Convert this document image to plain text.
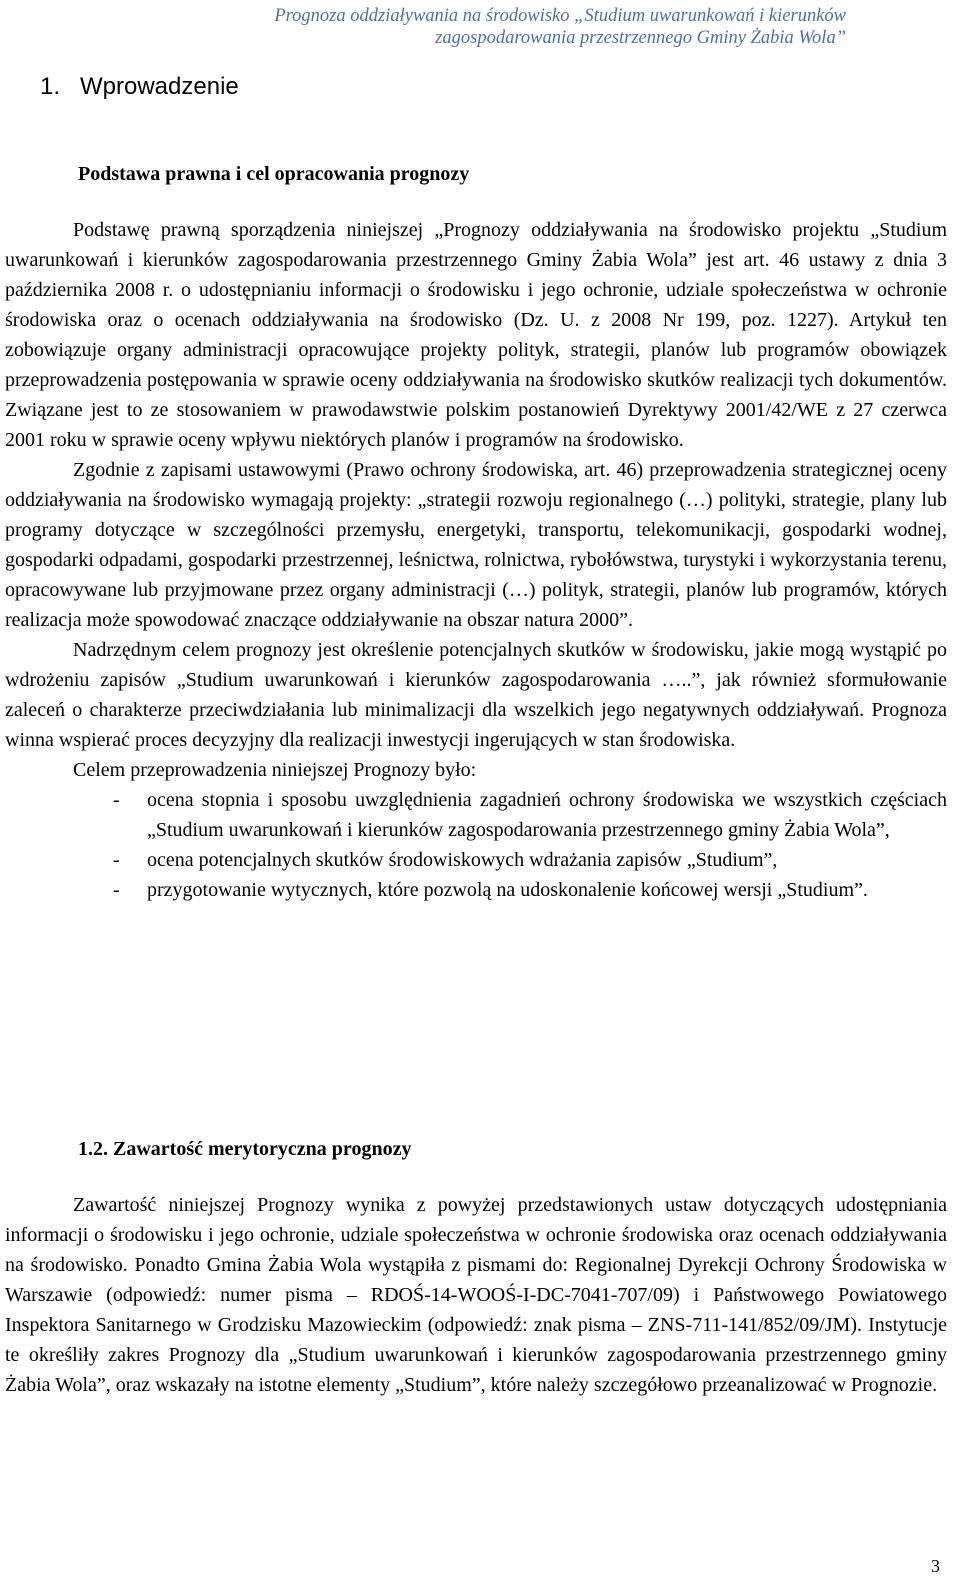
Prognoza oddziaływania na środowisko „Studium uwarunkowań i kierunków
zagospodarowania przestrzennego Gminy Żabia Wola”
1. Wprowadzenie
Podstawa prawna i cel opracowania prognozy

Podstawę prawną sporządzenia niniejszej „Prognozy oddziaływania na środowisko projektu „Studium uwarunkowań i kierunków zagospodarowania przestrzennego Gminy Żabia Wola” jest art. 46 ustawy z dnia 3 października 2008 r. o udostępnianiu informacji o środowisku i jego ochronie, udziale społeczeństwa w ochronie środowiska oraz o ocenach oddziaływania na środowisko (Dz. U. z 2008 Nr 199, poz. 1227). Artykuł ten zobowiązuje organy administracji opracowujące projekty polityk, strategii, planów lub programów obowiązek przeprowadzenia postępowania w sprawie oceny oddziaływania na środowisko skutków realizacji tych dokumentów. Związane jest to ze stosowaniem w prawodawstwie polskim postanowień Dyrektywy 2001/42/WE z 27 czerwca 2001 roku w sprawie oceny wpływu niektórych planów i programów na środowisko.

Zgodnie z zapisami ustawowymi (Prawo ochrony środowiska, art. 46) przeprowadzenia strategicznej oceny oddziaływania na środowisko wymagają projekty: „strategii rozwoju regionalnego (…) polityki, strategie, plany lub programy dotyczące w szczególności przemysłu, energetyki, transportu, telekomunikacji, gospodarki wodnej, gospodarki odpadami, gospodarki przestrzennej, leśnictwa, rolnictwa, rybołówstwa, turystyki i wykorzystania terenu, opracowywane lub przyjmowane przez organy administracji (…) polityk, strategii, planów lub programów, których realizacja może spowodować znaczące oddziaływanie na obszar natura 2000”.

Nadrzędnym celem prognozy jest określenie potencjalnych skutków w środowisku, jakie mogą wystąpić po wdrożeniu zapisów „Studium uwarunkowań i kierunków zagospodarowania …..”, jak również sformułowanie zaleceń o charakterze przeciwdziałania lub minimalizacji dla wszelkich jego negatywnych oddziaływań. Prognoza winna wspierać proces decyzyjny dla realizacji inwestycji ingerujących w stan środowiska.

Celem przeprowadzenia niniejszej Prognozy było:

- ocena stopnia i sposobu uwzględnienia zagadnień ochrony środowiska we wszystkich częściach „Studium uwarunkowań i kierunków zagospodarowania przestrzennego gminy Żabia Wola”,
- ocena potencjalnych skutków środowiskowych wdrażania zapisów „Studium”,
- przygotowanie wytycznych, które pozwolą na udoskonalenie końcowej wersji „Studium”.
1.2. Zawartość merytoryczna prognozy

Zawartość niniejszej Prognozy wynika z powyżej przedstawionych ustaw dotyczących udostępniania informacji o środowisku i jego ochronie, udziale społeczeństwa w ochronie środowiska oraz ocenach oddziaływania na środowisko. Ponadto Gmina Żabia Wola wystąpiła z pismami do: Regionalnej Dyrekcji Ochrony Środowiska w Warszawie (odpowiedź: numer pisma – RDOŚ-14-WOOŚ-I-DC-7041-707/09) i Państwowego Powiatowego Inspektora Sanitarnego w Grodzisku Mazowieckim (odpowiedź: znak pisma – ZNS-711-141/852/09/JM). Instytucje te określiły zakres Prognozy dla „Studium uwarunkowań i kierunków zagospodarowania przestrzennego gminy Żabia Wola”, oraz wskazały na istotne elementy „Studium”, które należy szczegółowo przeanalizować w Prognozie.

3
